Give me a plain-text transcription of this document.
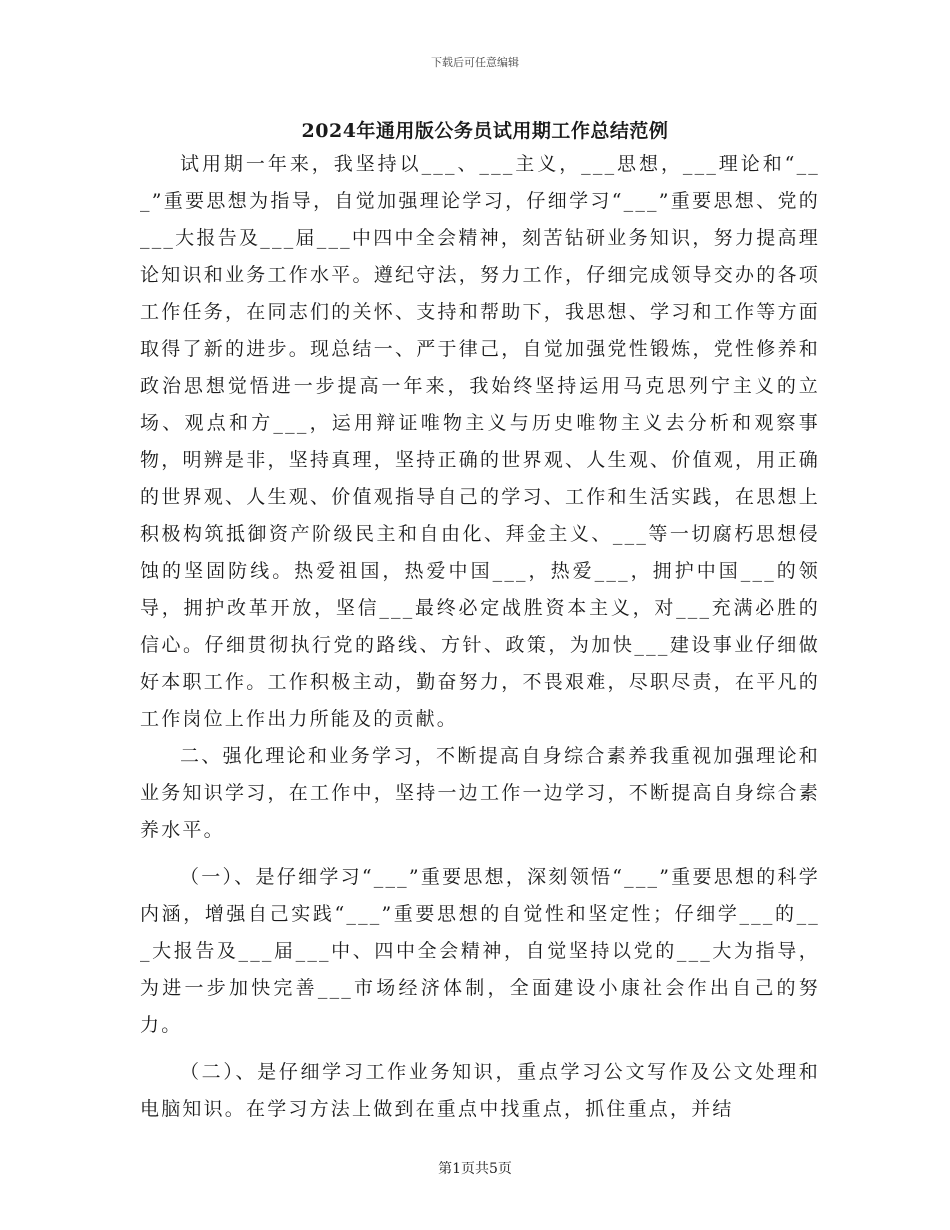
下载后可任意编辑
2024年通用版公务员试用期工作总结范例

试用期一年来，我坚持以___、___主义，___思想，___理论和“___”重要思想为指导，自觉加强理论学习，仔细学习“___”重要思想、党的___大报告及___届___中四中全会精神，刻苦钻研业务知识，努力提高理论知识和业务工作水平。遵纪守法，努力工作，仔细完成领导交办的各项工作任务，在同志们的关怀、支持和帮助下，我思想、学习和工作等方面取得了新的进步。现总结一、严于律己，自觉加强党性锻炼，党性修养和政治思想觉悟进一步提高一年来，我始终坚持运用马克思列宁主义的立场、观点和方___，运用辩证唯物主义与历史唯物主义去分析和观察事物，明辨是非，坚持真理，坚持正确的世界观、人生观、价值观，用正确的世界观、人生观、价值观指导自己的学习、工作和生活实践，在思想上积极构筑抵御资产阶级民主和自由化、拜金主义、___等一切腐朽思想侵蚀的坚固防线。热爱祖国，热爱中国___，热爱___，拥护中国___的领导，拥护改革开放，坚信___最终必定战胜资本主义，对___充满必胜的信心。仔细贯彻执行党的路线、方针、政策，为加快___建设事业仔细做好本职工作。工作积极主动，勤奋努力，不畏艰难，尽职尽责，在平凡的工作岗位上作出力所能及的贡献。

二、强化理论和业务学习，不断提高自身综合素养我重视加强理论和业务知识学习，在工作中，坚持一边工作一边学习，不断提高自身综合素养水平。

（一）、是仔细学习“___”重要思想，深刻领悟“___”重要思想的科学内涵，增强自己实践“___”重要思想的自觉性和坚定性；仔细学___的___大报告及___届___中、四中全会精神，自觉坚持以党的___大为指导，为进一步加快完善___市场经济体制，全面建设小康社会作出自己的努力。

（二）、是仔细学习工作业务知识，重点学习公文写作及公文处理和电脑知识。在学习方法上做到在重点中找重点，抓住重点，并结

第1页共5页
